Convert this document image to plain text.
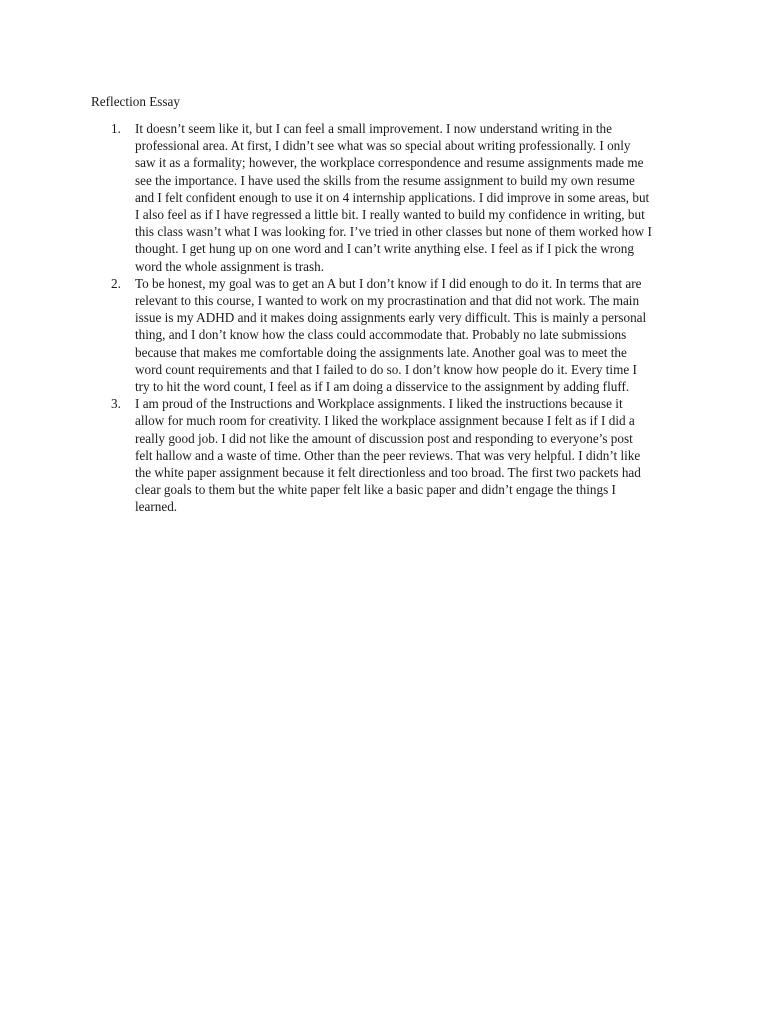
Reflection Essay
1. It doesn’t seem like it, but I can feel a small improvement. I now understand writing in the
professional area. At first, I didn’t see what was so special about writing professionally. I only
saw it as a formality; however, the workplace correspondence and resume assignments made me
see the importance. I have used the skills from the resume assignment to build my own resume
and I felt confident enough to use it on 4 internship applications. I did improve in some areas, but
I also feel as if I have regressed a little bit. I really wanted to build my confidence in writing, but
this class wasn’t what I was looking for. I’ve tried in other classes but none of them worked how I
thought. I get hung up on one word and I can’t write anything else. I feel as if I pick the wrong
word the whole assignment is trash.
2. To be honest, my goal was to get an A but I don’t know if I did enough to do it. In terms that are
relevant to this course, I wanted to work on my procrastination and that did not work. The main
issue is my ADHD and it makes doing assignments early very difficult. This is mainly a personal
thing, and I don’t know how the class could accommodate that. Probably no late submissions
because that makes me comfortable doing the assignments late. Another goal was to meet the
word count requirements and that I failed to do so. I don’t know how people do it. Every time I
try to hit the word count, I feel as if I am doing a disservice to the assignment by adding fluff.
3. I am proud of the Instructions and Workplace assignments. I liked the instructions because it
allow for much room for creativity. I liked the workplace assignment because I felt as if I did a
really good job. I did not like the amount of discussion post and responding to everyone’s post
felt hallow and a waste of time. Other than the peer reviews. That was very helpful. I didn’t like
the white paper assignment because it felt directionless and too broad. The first two packets had
clear goals to them but the white paper felt like a basic paper and didn’t engage the things I
learned.
